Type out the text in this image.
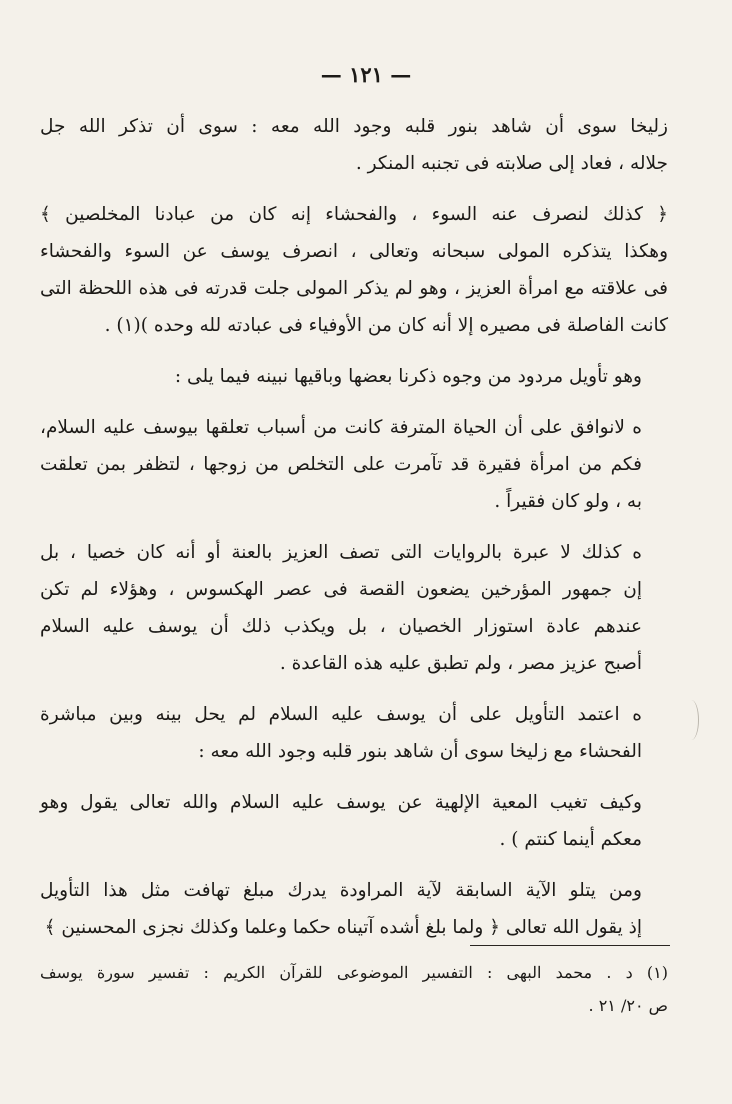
— ١٢١ —

زليخا سوى أن شاهد بنور قلبه وجود الله معه : سوى أن تذكر الله جل
جلاله ، فعاد إلى صلابته فى تجنبه المنكر .

﴿ كذلك لنصرف عنه السوء ، والفحشاء إنه كان من عبادنا المخلصين ﴾
وهكذا يتذكره المولى سبحانه وتعالى ، انصرف يوسف عن السوء والفحشاء
فى علاقته مع امرأة العزيز ، وهو لم يذكر المولى جلت قدرته فى هذه اللحظة التى
كانت الفاصلة فى مصيره إلا أنه كان من الأوفياء فى عبادته لله وحده )(١) .

وهو تأويل مردود من وجوه ذكرنا بعضها وباقيها نبينه فيما يلى :

ه لانوافق على أن الحياة المترفة كانت من أسباب تعلقها بيوسف عليه السلام،
فكم من امرأة فقيرة قد تآمرت على التخلص من زوجها ، لتظفر بمن تعلقت
به ، ولو كان فقيراً .

ه كذلك لا عبرة بالروايات التى تصف العزيز بالعنة أو أنه كان خصيا ، بل
إن جمهور المؤرخين يضعون القصة فى عصر الهكسوس ، وهؤلاء لم تكن
عندهم عادة استوزار الخصيان ، بل ويكذب ذلك أن يوسف عليه السلام
أصبح عزيز مصر ، ولم تطبق عليه هذه القاعدة .

ه اعتمد التأويل على أن يوسف عليه السلام لم يحل بينه وبين مباشرة
الفحشاء مع زليخا سوى أن شاهد بنور قلبه وجود الله معه :

وكيف تغيب المعية الإلهية عن يوسف عليه السلام والله تعالى يقول وهو
معكم أينما كنتم ) .

ومن يتلو الآية السابقة لآية المراودة يدرك مبلغ تهافت مثل هذا التأويل
إذ يقول الله تعالى ﴿ ولما بلغ أشده آتيناه حكما وعلما وكذلك نجزى المحسنين ﴾

(١) د . محمد البهى : التفسير الموضوعى للقرآن الكريم : تفسير سورة يوسف
ص ٢٠/ ٢١ .
